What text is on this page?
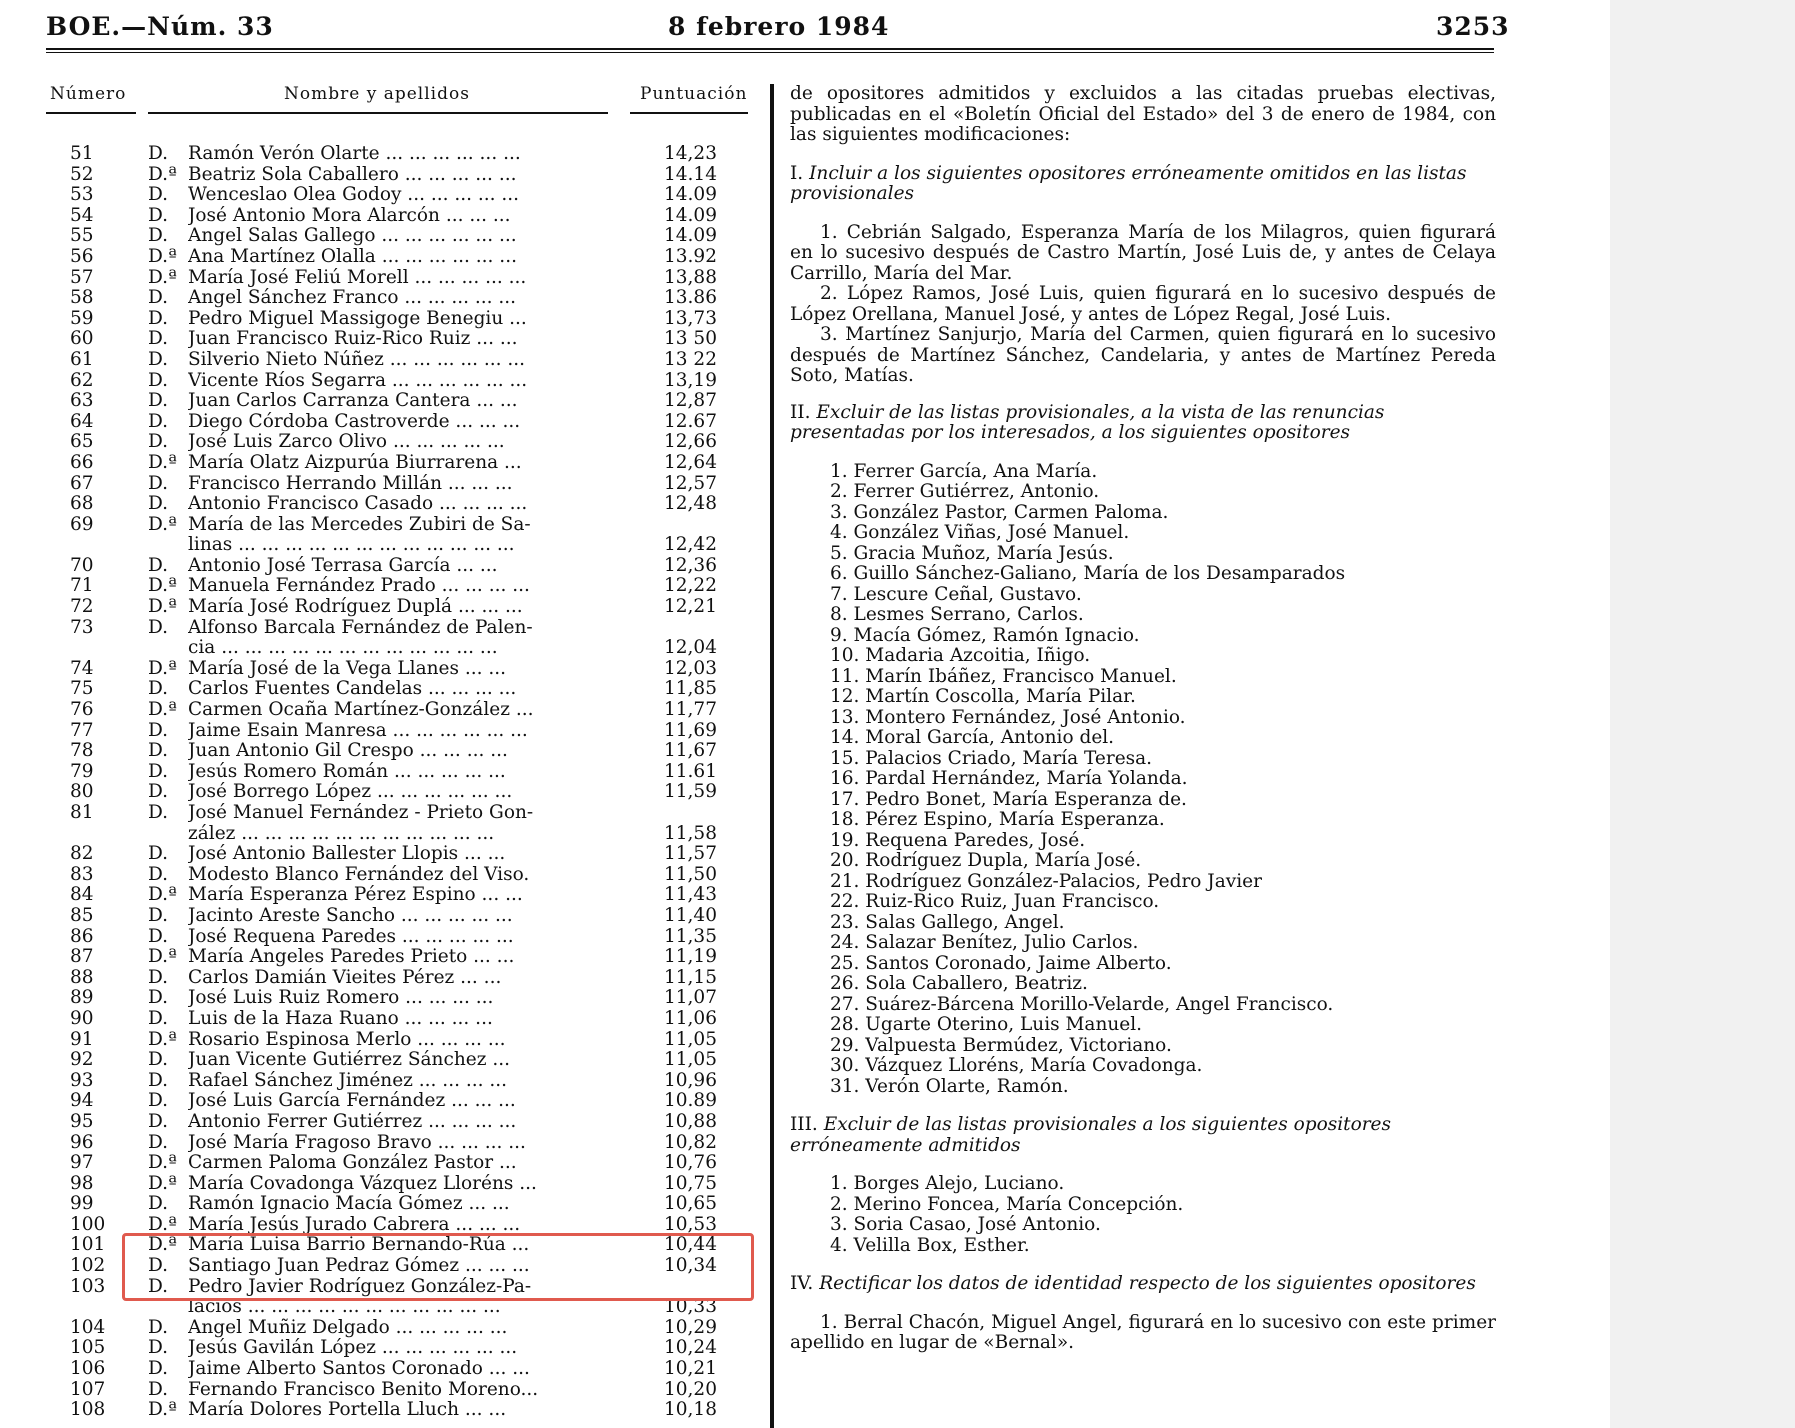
BOE.—Núm. 33	8 febrero 1984	3253
Número	Nombre y apellidos	Puntuación
51	D. Ramón Verón Olarte ... ... ... ... ... ...	14,23
52	D.ª Beatriz Sola Caballero ... ... ... ... ...	14.14
53	D. Wenceslao Olea Godoy ... ... ... ... ...	14.09
54	D. José Antonio Mora Alarcón ... ... ...	14.09
55	D. Angel Salas Gallego ... ... ... ... ... ...	14.09
56	D.ª Ana Martínez Olalla ... ... ... ... ... ...	13.92
57	D.ª María José Feliú Morell ... ... ... ... ...	13,88
58	D. Angel Sánchez Franco ... ... ... ... ...	13.86
59	D. Pedro Miguel Massigoge Benegiu ...	13,73
60	D. Juan Francisco Ruiz-Rico Ruiz ... ...	13 50
61	D. Silverio Nieto Núñez ... ... ... ... ... ...	13 22
62	D. Vicente Ríos Segarra ... ... ... ... ... ...	13,19
63	D. Juan Carlos Carranza Cantera ... ...	12,87
64	D. Diego Córdoba Castroverde ... ... ...	12.67
65	D. José Luis Zarco Olivo ... ... ... ... ...	12,66
66	D.ª María Olatz Aizpurúa Biurrarena ...	12,64
67	D. Francisco Herrando Millán ... ... ...	12,57
68	D. Antonio Francisco Casado ... ... ... ...	12,48
69	D.ª María de las Mercedes Zubiri de Sa-
linas ... ... ... ... ... ... ... ... ... ... ... ...	12,42
70	D. Antonio José Terrasa García ... ...	12,36
71	D.ª Manuela Fernández Prado ... ... ... ...	12,22
72	D.ª María José Rodríguez Duplá ... ... ...	12,21
73	D. Alfonso Barcala Fernández de Palen-
cia ... ... ... ... ... ... ... ... ... ... ... ...	12,04
74	D.ª María José de la Vega Llanes ... ...	12,03
75	D. Carlos Fuentes Candelas ... ... ... ...	11,85
76	D.ª Carmen Ocaña Martínez-González ...	11,77
77	D. Jaime Esain Manresa ... ... ... ... ... ...	11,69
78	D. Juan Antonio Gil Crespo ... ... ... ...	11,67
79	D. Jesús Romero Román ... ... ... ... ...	11.61
80	D. José Borrego López ... ... ... ... ... ...	11,59
81	D. José Manuel Fernández - Prieto Gon-
zález ... ... ... ... ... ... ... ... ... ... ...	11,58
82	D. José Antonio Ballester Llopis ... ...	11,57
83	D. Modesto Blanco Fernández del Viso.	11,50
84	D.ª María Esperanza Pérez Espino ... ...	11,43
85	D. Jacinto Areste Sancho ... ... ... ... ...	11,40
86	D. José Requena Paredes ... ... ... ... ...	11,35
87	D.ª María Angeles Paredes Prieto ... ...	11,19
88	D. Carlos Damián Vieites Pérez ... ...	11,15
89	D. José Luis Ruiz Romero ... ... ... ...	11,07
90	D. Luis de la Haza Ruano ... ... ... ...	11,06
91	D.ª Rosario Espinosa Merlo ... ... ... ...	11,05
92	D. Juan Vicente Gutiérrez Sánchez ...	11,05
93	D. Rafael Sánchez Jiménez ... ... ... ...	10,96
94	D. José Luis García Fernández ... ... ...	10.89
95	D. Antonio Ferrer Gutiérrez ... ... ... ...	10,88
96	D. José María Fragoso Bravo ... ... ... ...	10,82
97	D.ª Carmen Paloma González Pastor ...	10,76
98	D.ª María Covadonga Vázquez Lloréns ...	10,75
99	D. Ramón Ignacio Macía Gómez ... ...	10,65
100	D.ª María Jesús Jurado Cabrera ... ... ...	10,53
101	D.ª María Luisa Barrio Bernando-Rúa ...	10,44
102	D. Santiago Juan Pedraz Gómez ... ... ...	10,34
103	D. Pedro Javier Rodríguez González-Pa-
lacios ... ... ... ... ... ... ... ... ... ... ...	10,33
104	D. Angel Muñiz Delgado ... ... ... ... ...	10,29
105	D. Jesús Gavilán López ... ... ... ... ... ...	10,24
106	D. Jaime Alberto Santos Coronado ... ...	10,21
107	D. Fernando Francisco Benito Moreno...	10,20
108	D.ª María Dolores Portella Lluch ... ...	10,18

de opositores admitidos y excluidos a las citadas pruebas electivas, publicadas en el «Boletín Oficial del Estado» del 3 de enero de 1984, con las siguientes modificaciones:

I. Incluir a los siguientes opositores erróneamente omitidos en las listas provisionales

1. Cebrián Salgado, Esperanza María de los Milagros, quien figurará en lo sucesivo después de Castro Martín, José Luis de, y antes de Celaya Carrillo, María del Mar.

2. López Ramos, José Luis, quien figurará en lo sucesivo después de López Orellana, Manuel José, y antes de López Regal, José Luis.

3. Martínez Sanjurjo, María del Carmen, quien figurará en lo sucesivo después de Martínez Sánchez, Candelaria, y antes de Martínez Pereda Soto, Matías.

II. Excluir de las listas provisionales, a la vista de las renuncias presentadas por los interesados, a los siguientes opositores

1. Ferrer García, Ana María.

2. Ferrer Gutiérrez, Antonio.

3. González Pastor, Carmen Paloma.

4. González Viñas, José Manuel.

5. Gracia Muñoz, María Jesús.

6. Guillo Sánchez-Galiano, María de los Desamparados

7. Lescure Ceñal, Gustavo.

8. Lesmes Serrano, Carlos.

9. Macía Gómez, Ramón Ignacio.

10. Madaria Azcoitia, Iñigo.

11. Marín Ibáñez, Francisco Manuel.

12. Martín Coscolla, María Pilar.

13. Montero Fernández, José Antonio.

14. Moral García, Antonio del.

15. Palacios Criado, María Teresa.

16. Pardal Hernández, María Yolanda.

17. Pedro Bonet, María Esperanza de.

18. Pérez Espino, María Esperanza.

19. Requena Paredes, José.

20. Rodríguez Dupla, María José.

21. Rodríguez González-Palacios, Pedro Javier

22. Ruiz-Rico Ruiz, Juan Francisco.

23. Salas Gallego, Angel.

24. Salazar Benítez, Julio Carlos.

25. Santos Coronado, Jaime Alberto.

26. Sola Caballero, Beatriz.

27. Suárez-Bárcena Morillo-Velarde, Angel Francisco.

28. Ugarte Oterino, Luis Manuel.

29. Valpuesta Bermúdez, Victoriano.

30. Vázquez Lloréns, María Covadonga.

31. Verón Olarte, Ramón.

III. Excluir de las listas provisionales a los siguientes opositores erróneamente admitidos

1. Borges Alejo, Luciano.

2. Merino Foncea, María Concepción.

3. Soria Casao, José Antonio.

4. Velilla Box, Esther.

IV. Rectificar los datos de identidad respecto de los siguientes opositores

1. Berral Chacón, Miguel Angel, figurará en lo sucesivo con este primer apellido en lugar de «Bernal».
